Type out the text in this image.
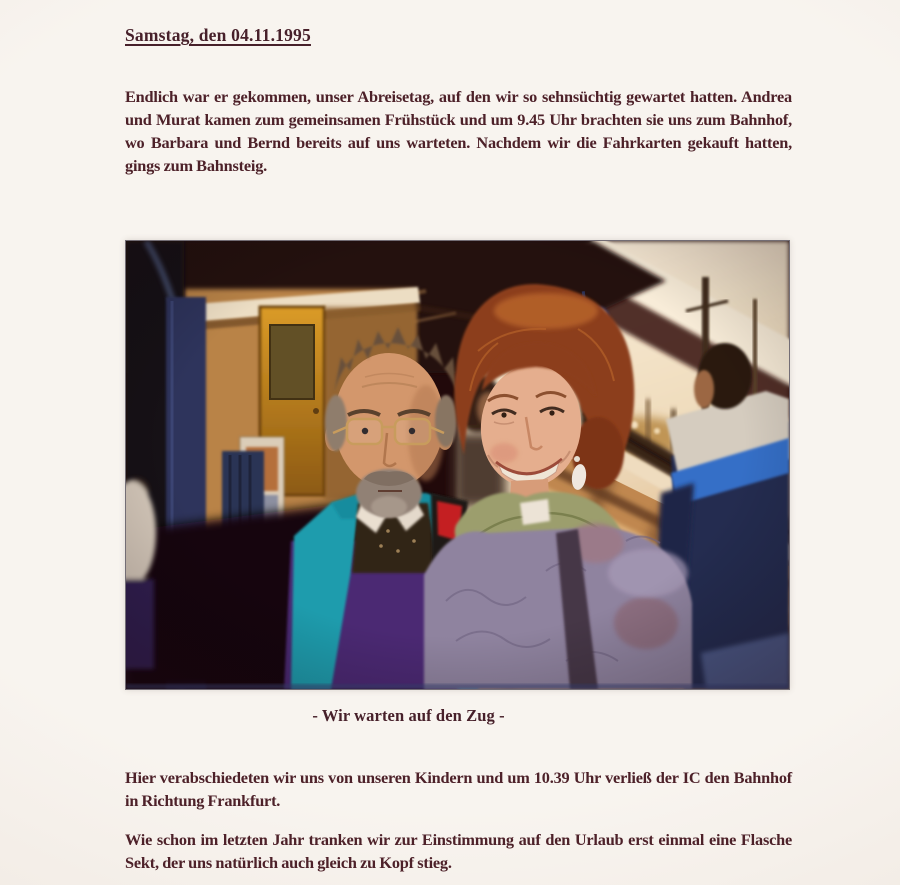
Samstag, den 04.11.1995

Endlich war er gekommen, unser Abreisetag, auf den wir so sehnsüchtig gewartet hatten. Andrea und Murat kamen zum gemeinsamen Frühstück und um 9.45 Uhr brachten sie uns zum Bahnhof, wo Barbara und Bernd bereits auf uns warteten. Nachdem wir die Fahrkarten gekauft hatten, gings zum Bahnsteig.

- Wir warten auf den Zug -

Hier verabschiedeten wir uns von unseren Kindern und um 10.39 Uhr verließ der IC den Bahnhof in Richtung Frankfurt.

Wie schon im letzten Jahr tranken wir zur Einstimmung auf den Urlaub erst einmal eine Flasche Sekt, der uns natürlich auch gleich zu Kopf stieg.
